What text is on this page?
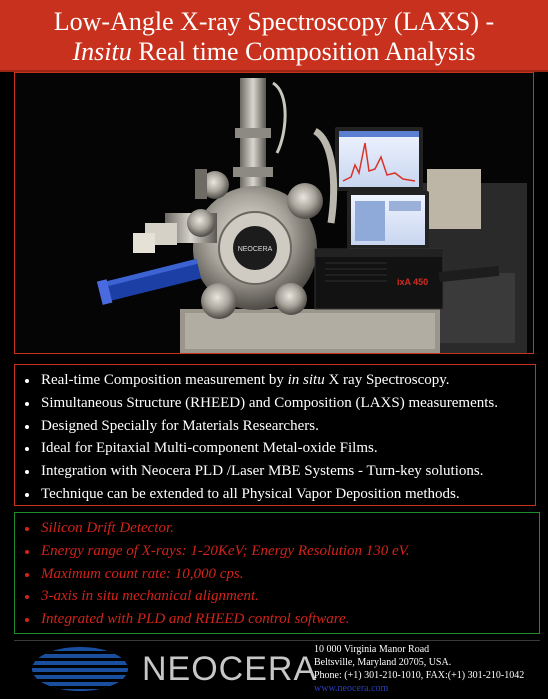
Low-Angle X-ray Spectroscopy (LAXS) -
Insitu Real time Composition Analysis
NEOCERA
ixA 450
Real-time Composition measurement by in situ X ray Spectroscopy.
Simultaneous Structure (RHEED) and Composition (LAXS) measurements.
Designed Specially for Materials Researchers.
Ideal for Epitaxial Multi-component Metal-oxide Films.
Integration with Neocera PLD /Laser MBE Systems - Turn-key solutions.
Technique can be extended to all Physical Vapor Deposition methods.
Silicon Drift Detector.
Energy range of X-rays: 1-20KeV; Energy Resolution 130 eV.
Maximum count rate: 10,000 cps.
3-axis in situ mechanical alignment.
Integrated with PLD and RHEED control software.
NEOCERA
10 000 Virginia Manor Road
Beltsville, Maryland 20705, USA.
Phone: (+1) 301-210-1010, FAX:(+1) 301-210-1042
www.neocera.com
